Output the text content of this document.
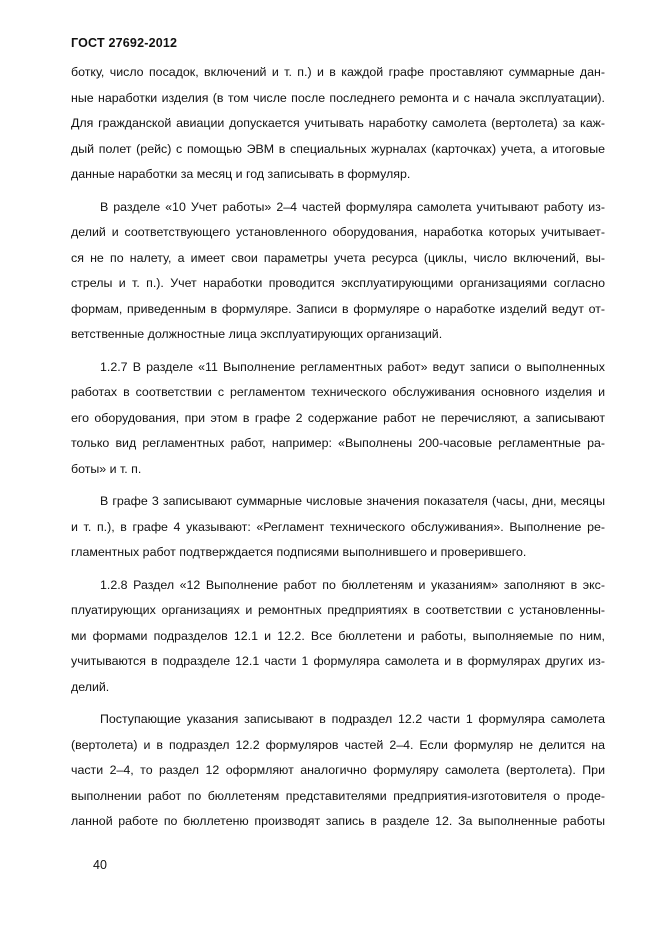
ГОСТ 27692-2012

ботку, число посадок, включений и т. п.) и в каждой графе проставляют суммарные дан-

ные наработки изделия (в том числе после последнего ремонта и с начала эксплуатации).

Для гражданской авиации допускается учитывать наработку самолета (вертолета) за каж-

дый полет (рейс) с помощью ЭВМ в специальных журналах (карточках) учета, а итоговые

данные наработки за месяц и год записывать в формуляр.

В разделе «10 Учет работы» 2–4 частей формуляра самолета учитывают работу из-

делий и соответствующего установленного оборудования, наработка которых учитывает-

ся не по налету, а имеет свои параметры учета ресурса (циклы, число включений, вы-

стрелы и т. п.). Учет наработки проводится эксплуатирующими организациями согласно

формам, приведенным в формуляре. Записи в формуляре о наработке изделий ведут от-

ветственные должностные лица эксплуатирующих организаций.

1.2.7 В разделе «11 Выполнение регламентных работ» ведут записи о выполненных

работах в соответствии с регламентом технического обслуживания основного изделия и

его оборудования, при этом в графе 2 содержание работ не перечисляют, а записывают

только вид регламентных работ, например: «Выполнены 200-часовые регламентные ра-

боты» и т. п.

В графе 3 записывают суммарные числовые значения показателя (часы, дни, месяцы

и т. п.), в графе 4 указывают: «Регламент технического обслуживания». Выполнение ре-

гламентных работ подтверждается подписями выполнившего и проверившего.

1.2.8 Раздел «12 Выполнение работ по бюллетеням и указаниям» заполняют в экс-

плуатирующих организациях и ремонтных предприятиях в соответствии с установленны-

ми формами подразделов 12.1 и 12.2. Все бюллетени и работы, выполняемые по ним,

учитываются в подразделе 12.1 части 1 формуляра самолета и в формулярах других из-

делий.

Поступающие указания записывают в подраздел 12.2 части 1 формуляра самолета

(вертолета) и в подраздел 12.2 формуляров частей 2–4. Если формуляр не делится на

части 2–4, то раздел 12 оформляют аналогично формуляру самолета (вертолета). При

выполнении работ по бюллетеням представителями предприятия-изготовителя о проде-

ланной работе по бюллетеню производят запись в разделе 12. За выполненные работы

40
